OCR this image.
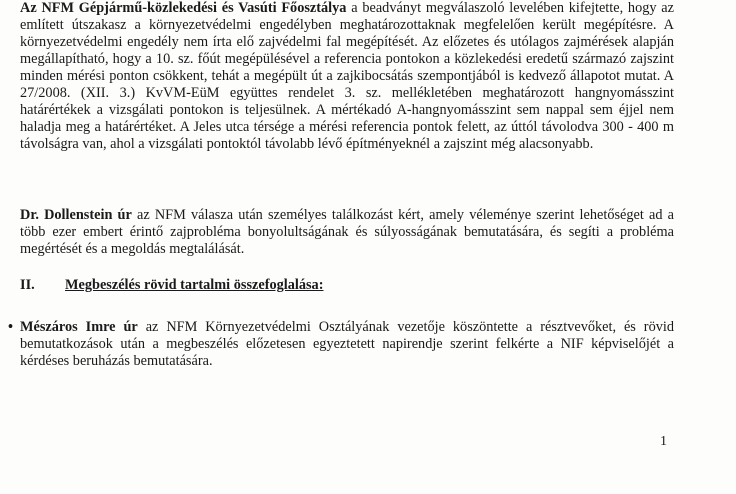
Az NFM Gépjármű-közlekedési és Vasúti Főosztálya a beadványt megválaszoló levelében kifejtette, hogy az említett útszakasz a környezetvédelmi engedélyben meghatározottaknak megfelelően került megépítésre. A környezetvédelmi engedély nem írta elő zajvédelmi fal megépítését. Az előzetes és utólagos zajmérések alapján megállapítható, hogy a 10. sz. főút megépülésével a referencia pontokon a közlekedési eredetű származó zajszint minden mérési ponton csökkent, tehát a megépült út a zajkibocsátás szempontjából is kedvező állapotot mutat. A 27/2008. (XII. 3.) KvVM-EüM együttes rendelet 3. sz. mellékletében meghatározott hangnyomásszint határértékek a vizsgálati pontokon is teljesülnek. A mértékadó A-hangnyomásszint sem nappal sem éjjel nem haladja meg a határértéket. A Jeles utca térsége a mérési referencia pontok felett, az úttól távolodva 300 - 400 m távolságra van, ahol a vizsgálati pontoktól távolabb lévő építményeknél a zajszint még alacsonyabb.
Dr. Dollenstein úr az NFM válasza után személyes találkozást kért, amely véleménye szerint lehetőséget ad a több ezer embert érintő zajprobléma bonyolultságának és súlyosságának bemutatására, és segíti a probléma megértését és a megoldás megtalálását.
II. Megbeszélés rövid tartalmi összefoglalása:
• Mészáros Imre úr az NFM Környezetvédelmi Osztályának vezetője köszöntette a résztvevőket, és rövid bemutatkozások után a megbeszélés előzetesen egyeztetett napirendje szerint felkérte a NIF képviselőjét a kérdéses beruházás bemutatására.
1
